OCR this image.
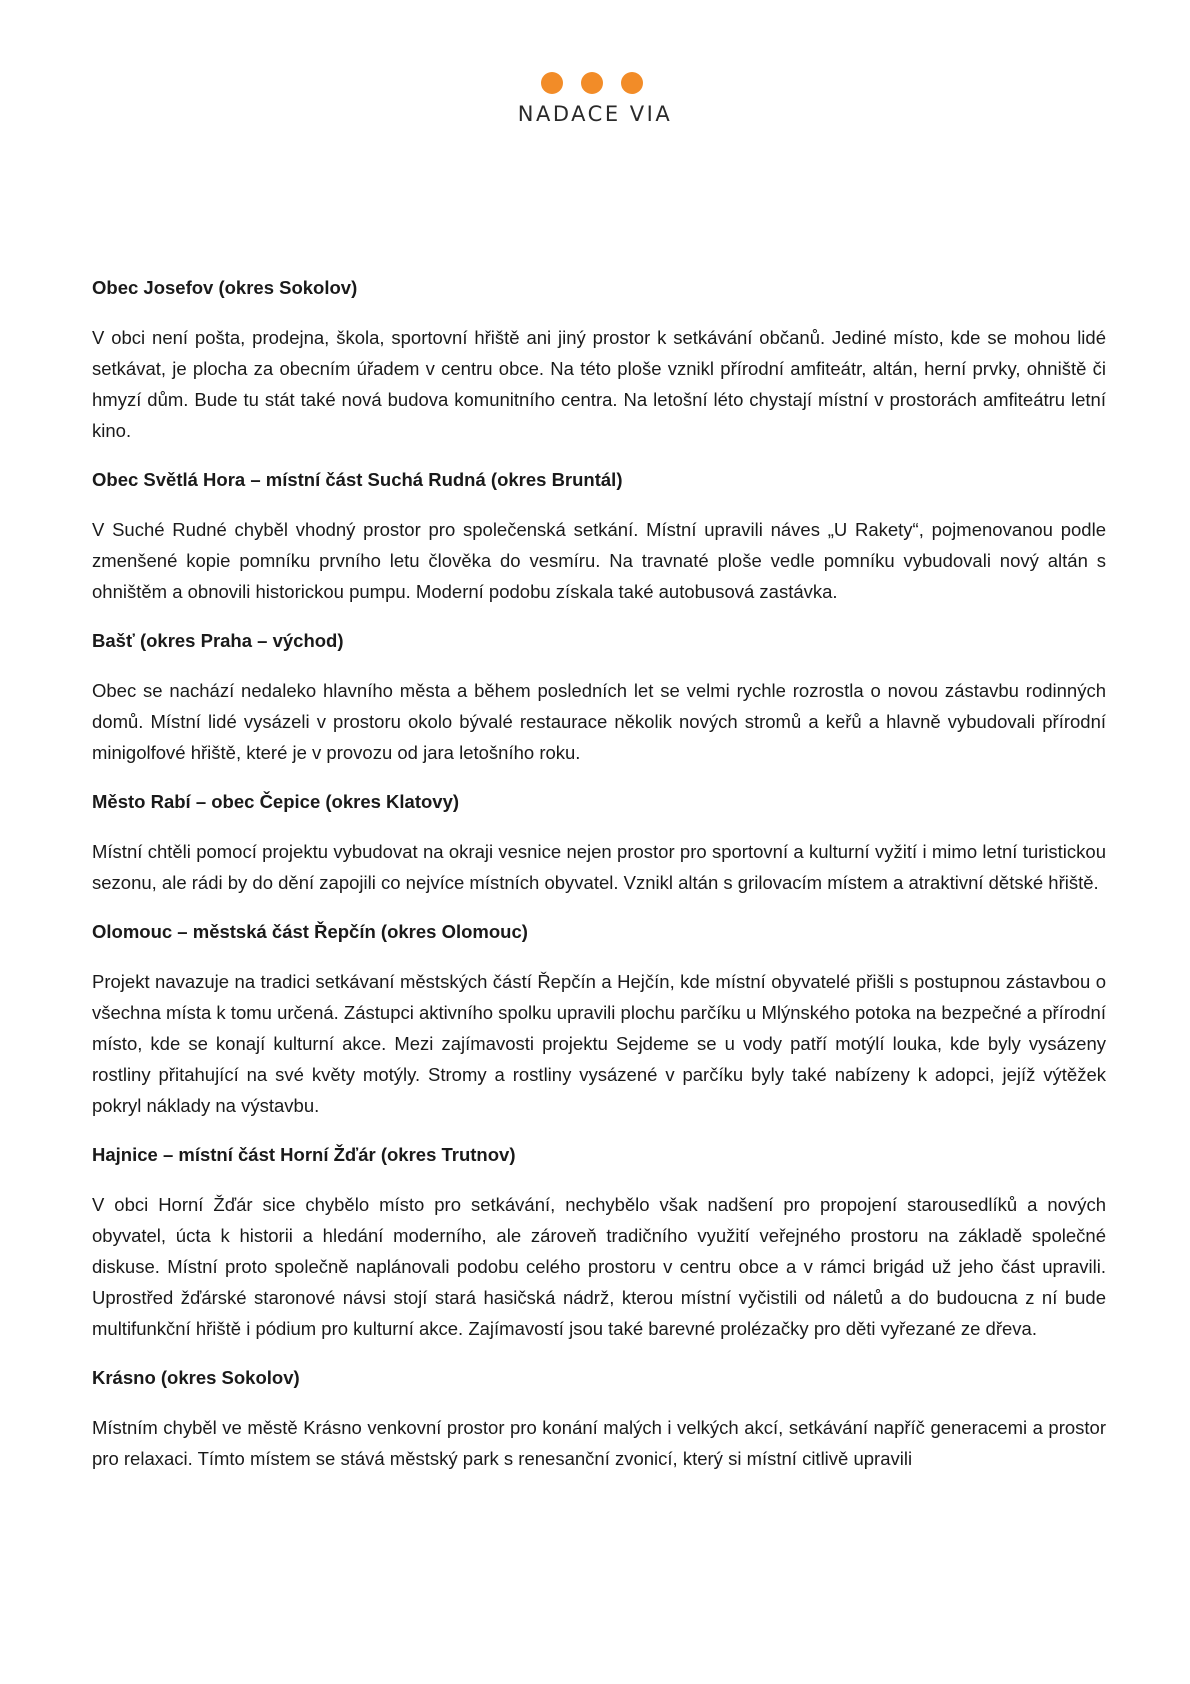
NADACE VIA
Obec Josefov (okres Sokolov)
V obci není pošta, prodejna, škola, sportovní hřiště ani jiný prostor k setkávání občanů. Jediné místo, kde se mohou lidé setkávat, je plocha za obecním úřadem v centru obce. Na této ploše vznikl přírodní amfiteátr, altán, herní prvky, ohniště či hmyzí dům. Bude tu stát také nová budova komunitního centra. Na letošní léto chystají místní v prostorách amfiteátru letní kino.
Obec Světlá Hora – místní část Suchá Rudná (okres Bruntál)
V Suché Rudné chyběl vhodný prostor pro společenská setkání. Místní upravili náves „U Rakety“, pojmenovanou podle zmenšené kopie pomníku prvního letu člověka do vesmíru. Na travnaté ploše vedle pomníku vybudovali nový altán s ohništěm a obnovili historickou pumpu. Moderní podobu získala také autobusová zastávka.
Bašť (okres Praha – východ)
Obec se nachází nedaleko hlavního města a během posledních let se velmi rychle rozrostla o novou zástavbu rodinných domů. Místní lidé vysázeli v prostoru okolo bývalé restaurace několik nových stromů a keřů a hlavně vybudovali přírodní minigolfové hřiště, které je v provozu od jara letošního roku.
Město Rabí – obec Čepice (okres Klatovy)
Místní chtěli pomocí projektu vybudovat na okraji vesnice nejen prostor pro sportovní a kulturní vyžití i mimo letní turistickou sezonu, ale rádi by do dění zapojili co nejvíce místních obyvatel. Vznikl altán s grilovacím místem a atraktivní dětské hřiště.
Olomouc – městská část Řepčín (okres Olomouc)
Projekt navazuje na tradici setkávaní městských částí Řepčín a Hejčín, kde místní obyvatelé přišli s postupnou zástavbou o všechna místa k tomu určená. Zástupci aktivního spolku upravili plochu parčíku u Mlýnského potoka na bezpečné a přírodní místo, kde se konají kulturní akce. Mezi zajímavosti projektu Sejdeme se u vody patří motýlí louka, kde byly vysázeny rostliny přitahující na své květy motýly. Stromy a rostliny vysázené v parčíku byly také nabízeny k adopci, jejíž výtěžek pokryl náklady na výstavbu.
Hajnice – místní část Horní Žďár (okres Trutnov)
V obci Horní Žďár sice chybělo místo pro setkávání, nechybělo však nadšení pro propojení starousedlíků a nových obyvatel, úcta k historii a hledání moderního, ale zároveň tradičního využití veřejného prostoru na základě společné diskuse. Místní proto společně naplánovali podobu celého prostoru v centru obce a v rámci brigád už jeho část upravili. Uprostřed žďárské staronové návsi stojí stará hasičská nádrž, kterou místní vyčistili od náletů a do budoucna z ní bude multifunkční hřiště i pódium pro kulturní akce. Zajímavostí jsou také barevné prolézačky pro děti vyřezané ze dřeva.
Krásno (okres Sokolov)
Místním chyběl ve městě Krásno venkovní prostor pro konání malých i velkých akcí, setkávání napříč generacemi a prostor pro relaxaci. Tímto místem se stává městský park s renesanční zvonicí, který si místní citlivě upravili
